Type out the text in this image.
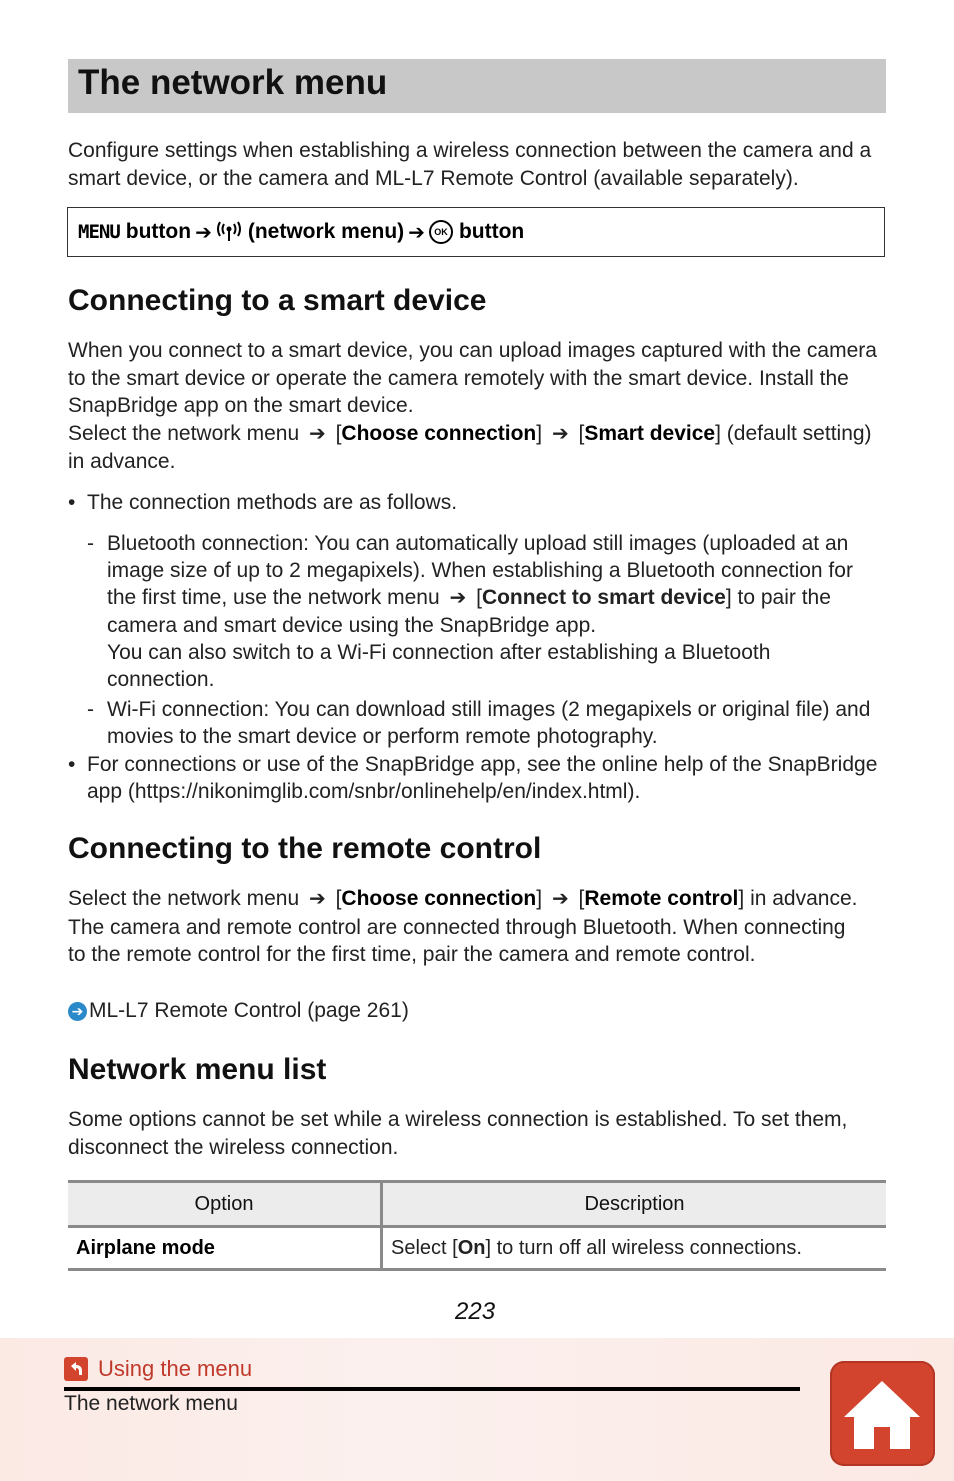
The network menu
Configure settings when establishing a wireless connection between the camera and a smart device, or the camera and ML-L7 Remote Control (available separately).
MENU button ➔ (network menu) ➔	OK button
Connecting to a smart device
When you connect to a smart device, you can upload images captured with the camera to the smart device or operate the camera remotely with the smart device. Install the SnapBridge app on the smart device.
Select the network menu ➔ [Choose connection] ➔ [Smart device] (default setting) in advance.
• The connection methods are as follows.
- Bluetooth connection: You can automatically upload still images (uploaded at an image size of up to 2 megapixels). When establishing a Bluetooth connection for the first time, use the network menu ➔ [Connect to smart device] to pair the camera and smart device using the SnapBridge app.
You can also switch to a Wi-Fi connection after establishing a Bluetooth connection.
- Wi-Fi connection: You can download still images (2 megapixels or original file) and movies to the smart device or perform remote photography.
• For connections or use of the SnapBridge app, see the online help of the SnapBridge app (https://nikonimglib.com/snbr/onlinehelp/en/index.html).
Connecting to the remote control
Select the network menu ➔ [Choose connection] ➔ [Remote control] in advance. The camera and remote control are connected through Bluetooth. When connecting to the remote control for the first time, pair the camera and remote control.
➔ ML-L7 Remote Control (page 261)
Network menu list
Some options cannot be set while a wireless connection is established. To set them, disconnect the wireless connection.
Option	Description
Airplane mode	Select [On] to turn off all wireless connections.
223
Using the menu
The network menu
